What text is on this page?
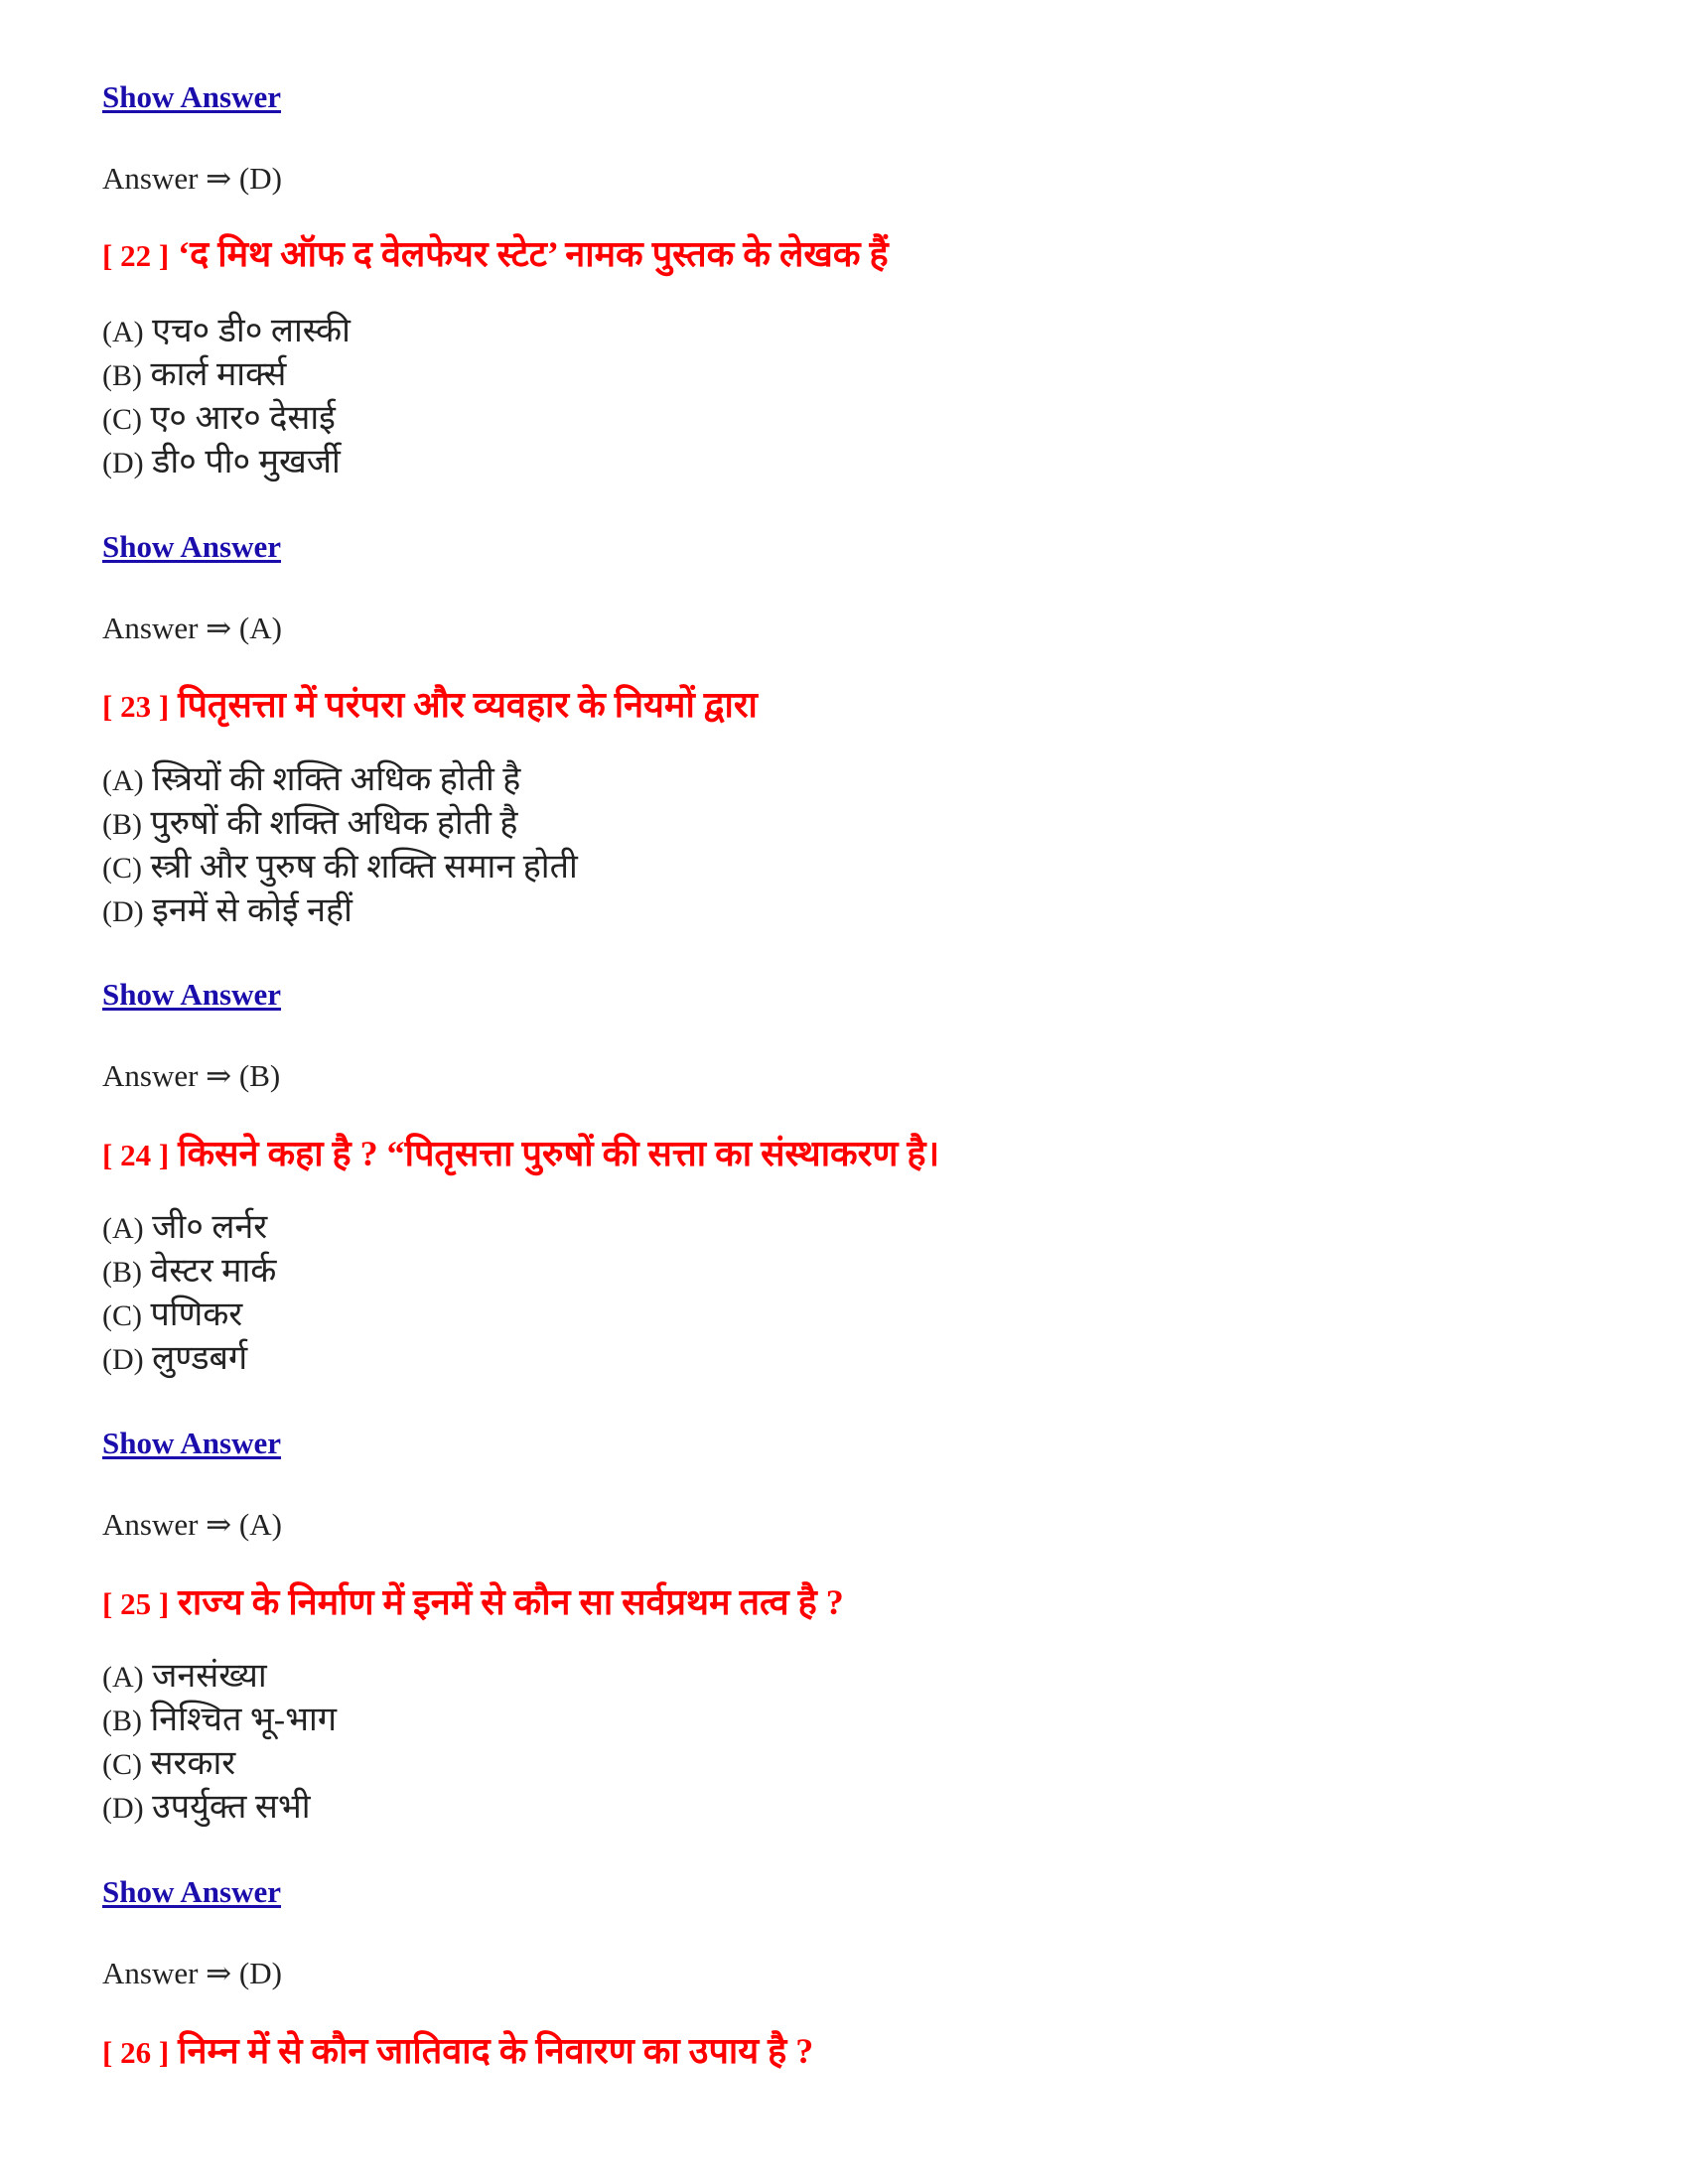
Show Answer
Answer ⇒ (D)
[ 22 ] ‘द मिथ ऑफ द वेलफेयर स्टेट’ नामक पुस्तक के लेखक हैं
(A) एच० डी० लास्की
(B) कार्ल मार्क्स
(C) ए० आर० देसाई
(D) डी० पी० मुखर्जी
Show Answer
Answer ⇒ (A)
[ 23 ] पितृसत्ता में परंपरा और व्यवहार के नियमों द्वारा
(A) स्त्रियों की शक्ति अधिक होती है
(B) पुरुषों की शक्ति अधिक होती है
(C) स्त्री और पुरुष की शक्ति समान होती
(D) इनमें से कोई नहीं
Show Answer
Answer ⇒ (B)
[ 24 ] किसने कहा है ? “पितृसत्ता पुरुषों की सत्ता का संस्थाकरण है।
(A) जी० लर्नर
(B) वेस्टर मार्क
(C) पणिकर
(D) लुण्डबर्ग
Show Answer
Answer ⇒ (A)
[ 25 ] राज्य के निर्माण में इनमें से कौन सा सर्वप्रथम तत्व है ?
(A) जनसंख्या
(B) निश्चित भू-भाग
(C) सरकार
(D) उपर्युक्त सभी
Show Answer
Answer ⇒ (D)
[ 26 ] निम्न में से कौन जातिवाद के निवारण का उपाय है ?
